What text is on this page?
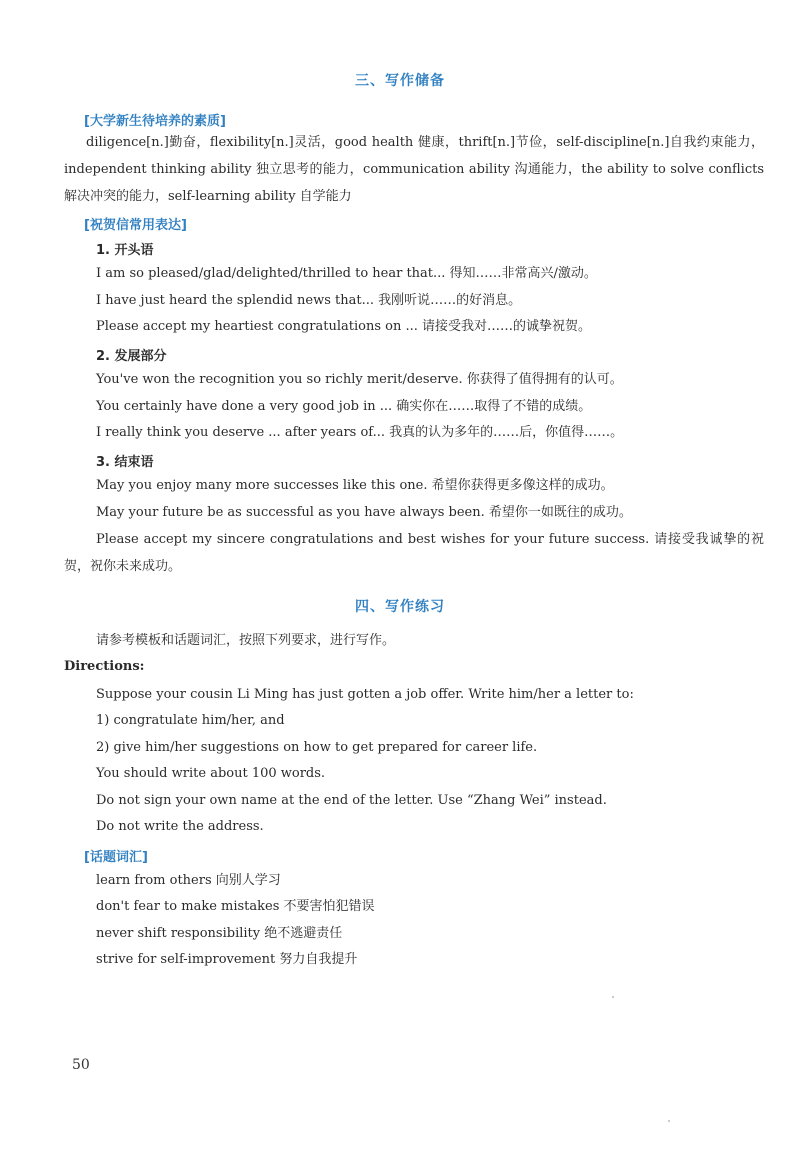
三、写作储备
[大学新生待培养的素质]
diligence[n.]勤奋，flexibility[n.]灵活，good health 健康，thrift[n.]节俭，self-discipline[n.]自我约束能力，independent thinking ability 独立思考的能力，communication ability 沟通能力，the ability to solve conflicts 解决冲突的能力，self-learning ability 自学能力
[祝贺信常用表达]
1. 开头语
I am so pleased/glad/delighted/thrilled to hear that... 得知……非常高兴/激动。
I have just heard the splendid news that... 我刚听说……的好消息。
Please accept my heartiest congratulations on ... 请接受我对……的诚挚祝贺。
2. 发展部分
You've won the recognition you so richly merit/deserve. 你获得了值得拥有的认可。
You certainly have done a very good job in ... 确实你在……取得了不错的成绩。
I really think you deserve ... after years of... 我真的认为多年的……后，你值得……。
3. 结束语
May you enjoy many more successes like this one. 希望你获得更多像这样的成功。
May your future be as successful as you have always been. 希望你一如既往的成功。
Please accept my sincere congratulations and best wishes for your future success. 请接受我诚挚的祝贺，祝你未来成功。
四、写作练习
请参考模板和话题词汇，按照下列要求，进行写作。
Directions:
Suppose your cousin Li Ming has just gotten a job offer. Write him/her a letter to:
1) congratulate him/her, and
2) give him/her suggestions on how to get prepared for career life.
You should write about 100 words.
Do not sign your own name at the end of the letter. Use “Zhang Wei” instead.
Do not write the address.
[话题词汇]
learn from others 向别人学习
don't fear to make mistakes 不要害怕犯错误
never shift responsibility 绝不逃避责任
strive for self-improvement 努力自我提升
50
